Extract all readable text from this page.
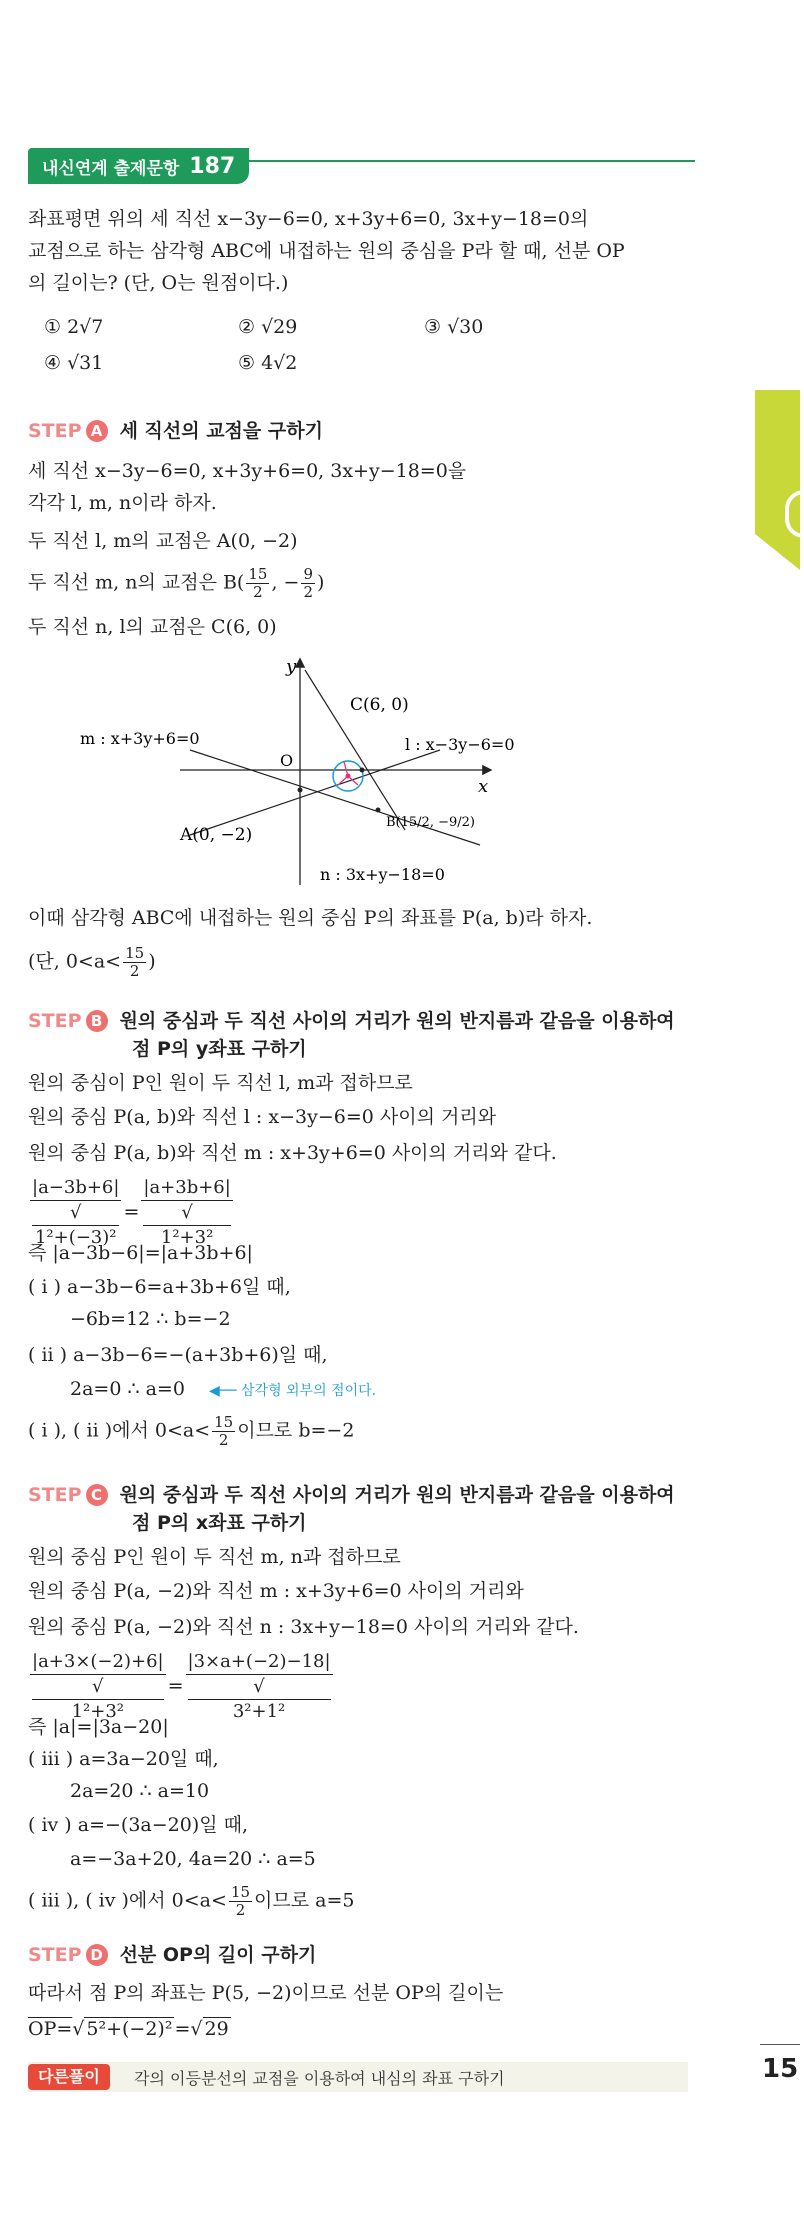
내신연계 출제문항 187
좌표평면 위의 세 직선 x−3y−6=0, x+3y+6=0, 3x+y−18=0의
교점으로 하는 삼각형 ABC에 내접하는 원의 중심을 P라 할 때, 선분 OP
의 길이는? (단, O는 원점이다.)
① 2√7	② √29	③ √30
④ √31	⑤ 4√2
STEP A 세 직선의 교점을 구하기
세 직선 x−3y−6=0, x+3y+6=0, 3x+y−18=0을
각각 l, m, n이라 하자.
두 직선 l, m의 교점은 A(0, −2)
두 직선 m, n의 교점은 $B( \frac{15}{2}$ , − $\frac{9}{2}$ )
두 직선 n, l의 교점은 C(6, 0)
y
x
O
m : x+3y+6=0	l : x−3y−6=0
n : 3x+y−18=0
A(0, −2)
C(6, 0)
B(15/2, −9/2)
이때 삼각형 ABC에 내접하는 원의 중심 P의 좌표를 P(a, b)라 하자.
(단, $0<a< \frac{15}{2}$ )
STEP B 원의 중심과 두 직선 사이의 거리가 원의 반지름과 같음을 이용하여
점 P의 y좌표 구하기
원의 중심이 P인 원이 두 직선 l, m과 접하므로
원의 중심 P(a, b)와 직선 l : x−3y−6=0 사이의 거리와
원의 중심 P(a, b)와 직선 m : x+3y+6=0 사이의 거리와 같다.
|a−3b+6|
√
1²+(−3)² = |a+3b+6|
√
1²+3²
즉 |a−3b−6|=|a+3b+6|
( i ) a−3b−6=a+3b+6일 때,
−6b=12 ∴ b=−2
( ii ) a−3b−6=−(a+3b+6)일 때,
2a=0 ∴ a=0 ◀── 삼각형 외부의 점이다.
( i ), ( ii )에서 $0<a< \frac{15}{2}$ 이므로 b=−2
STEP C 원의 중심과 두 직선 사이의 거리가 원의 반지름과 같음을 이용하여
점 P의 x좌표 구하기
원의 중심 P인 원이 두 직선 m, n과 접하므로
원의 중심 P(a, −2)와 직선 m : x+3y+6=0 사이의 거리와
원의 중심 P(a, −2)와 직선 n : 3x+y−18=0 사이의 거리와 같다.
|a+3×(−2)+6|
√
1²+3² = |3×a+(−2)−18|
√
3²+1²
즉 |a|=|3a−20|
( iii ) a=3a−20일 때,
2a=20 ∴ a=10
( iv ) a=−(3a−20)일 때,
a=−3a+20, 4a=20 ∴ a=5
( iii ), ( iv )에서 $0<a< \frac{15}{2}$ 이므로 a=5
STEP D 선분 OP의 길이 구하기
따라서 점 P의 좌표는 P(5, −2)이므로 선분 OP의 길이는
OP=√ 5²+(−2)² =√ 29
다른풀이	각의 이등분선의 교점을 이용하여 내심의 좌표 구하기	15
